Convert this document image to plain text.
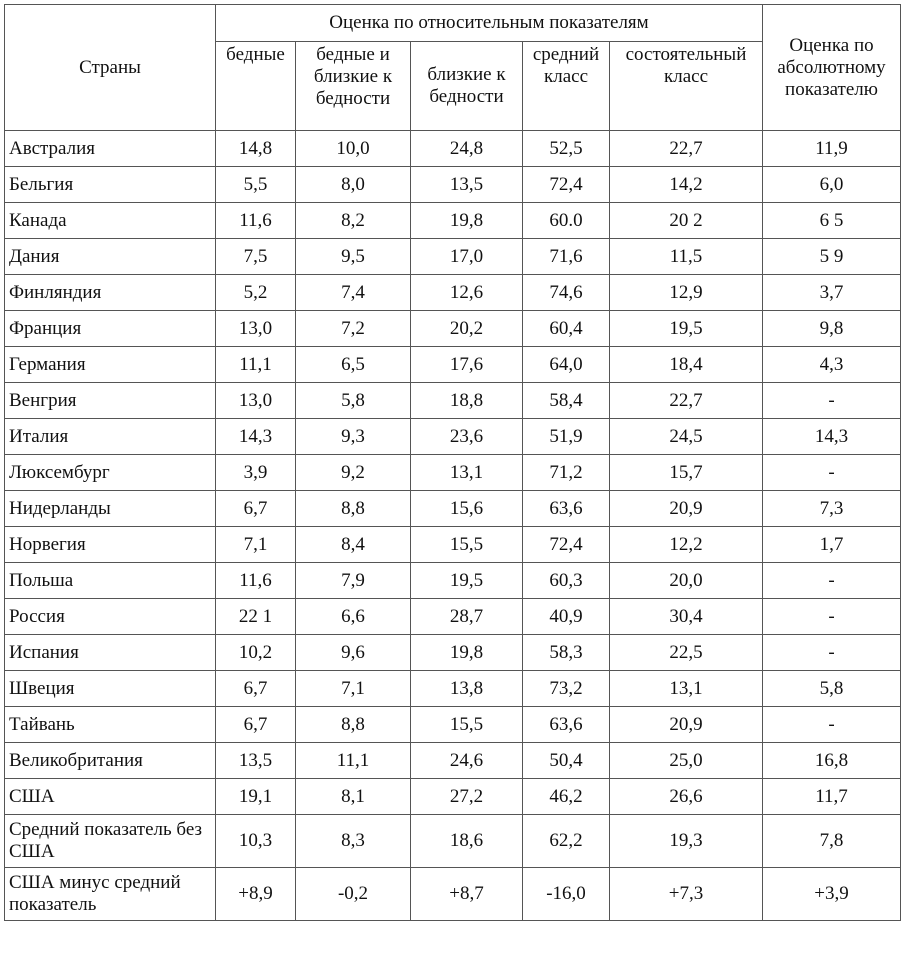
Страны	Оценка по относительным показателям					Оценка по абсолютному показателю
	бедные	бедные и близкие к бедности	близкие к бедности	средний класс	состоятельный класс	
Австралия	14,8	10,0	24,8	52,5	22,7	11,9
Бельгия	5,5	8,0	13,5	72,4	14,2	6,0
Канада	11,6	8,2	19,8	60.0	20 2	6 5
Дания	7,5	9,5	17,0	71,6	11,5	5 9
Финляндия	5,2	7,4	12,6	74,6	12,9	3,7
Франция	13,0	7,2	20,2	60,4	19,5	9,8
Германия	11,1	6,5	17,6	64,0	18,4	4,3
Венгрия	13,0	5,8	18,8	58,4	22,7	-
Италия	14,3	9,3	23,6	51,9	24,5	14,3
Люксембург	3,9	9,2	13,1	71,2	15,7	-
Нидерланды	6,7	8,8	15,6	63,6	20,9	7,3
Норвегия	7,1	8,4	15,5	72,4	12,2	1,7
Польша	11,6	7,9	19,5	60,3	20,0	-
Россия	22 1	6,6	28,7	40,9	30,4	-
Испания	10,2	9,6	19,8	58,3	22,5	-
Швеция	6,7	7,1	13,8	73,2	13,1	5,8
Тайвань	6,7	8,8	15,5	63,6	20,9	-
Великобритания	13,5	11,1	24,6	50,4	25,0	16,8
США	19,1	8,1	27,2	46,2	26,6	11,7
Средний показатель без США	10,3	8,3	18,6	62,2	19,3	7,8
США минус средний показатель	+8,9	-0,2	+8,7	-16,0	+7,3	+3,9
